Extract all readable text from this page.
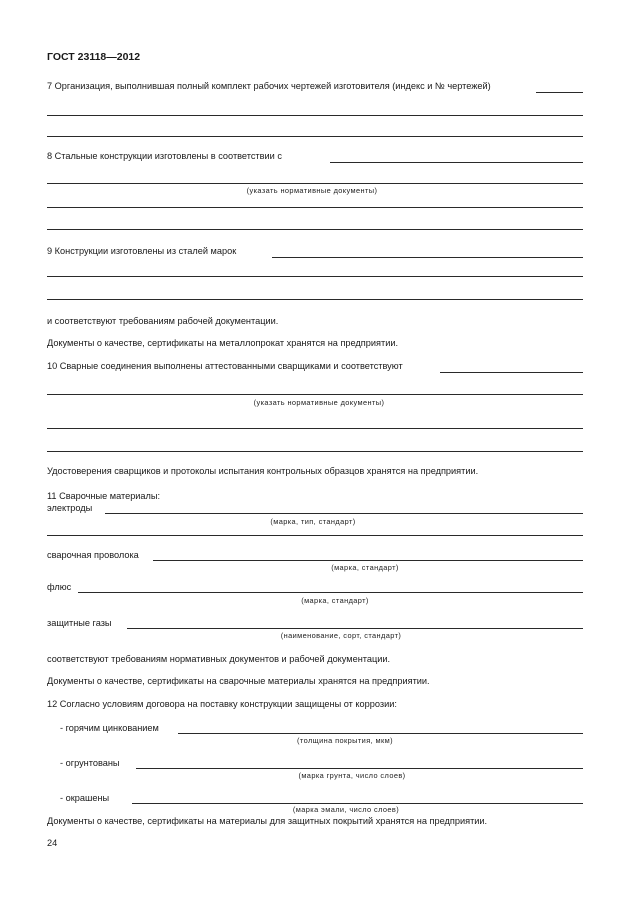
ГОСТ 23118—2012
7 Организация, выполнившая полный комплект рабочих чертежей изготовителя (индекс и № чертежей)
8 Стальные конструкции изготовлены в соответствии с
(указать нормативные документы)
9 Конструкции изготовлены из сталей марок
и соответствуют требованиям рабочей документации.
Документы о качестве, сертификаты на металлопрокат хранятся на предприятии.
10 Сварные соединения выполнены аттестованными сварщиками и соответствуют
(указать нормативные документы)
Удостоверения сварщиков и протоколы испытания контрольных образцов хранятся на предприятии.
11 Сварочные материалы:
электроды
(марка, тип, стандарт)
сварочная проволока
(марка, стандарт)
флюс
(марка, стандарт)
защитные газы
(наименование, сорт, стандарт)
соответствуют требованиям нормативных документов и рабочей документации.
Документы о качестве, сертификаты на сварочные материалы хранятся на предприятии.
12 Согласно условиям договора на поставку конструкции защищены от коррозии:
- горячим цинкованием
(толщина покрытия, мкм)
- огрунтованы
(марка грунта, число слоев)
- окрашены
(марка эмали, число слоев)
Документы о качестве, сертификаты на материалы для защитных покрытий хранятся на предприятии.
24
